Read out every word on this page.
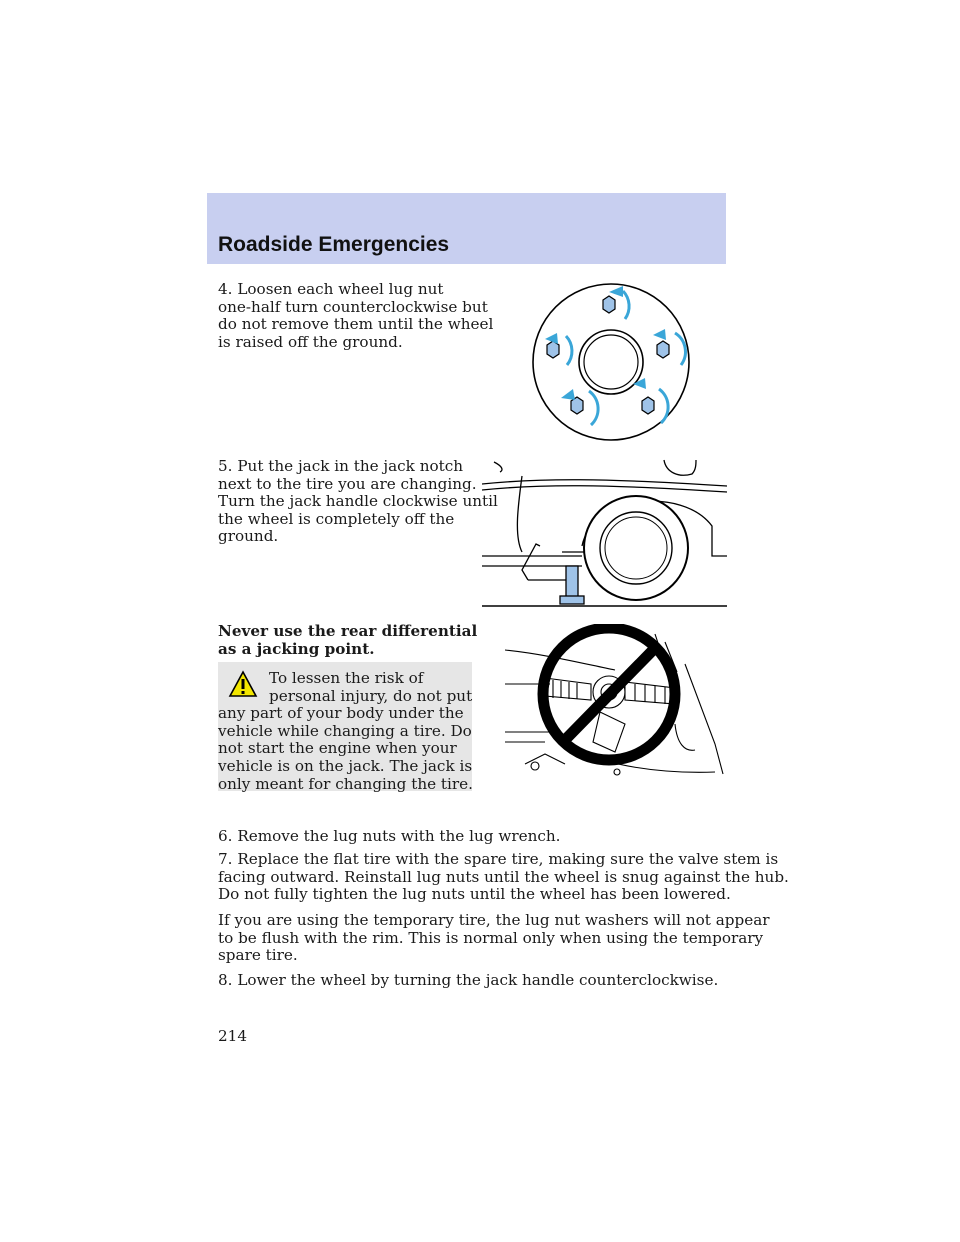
Roadside Emergencies
4. Loosen each wheel lug nut
one-half turn counterclockwise but
do not remove them until the wheel
is raised off the ground.
5. Put the jack in the jack notch
next to the tire you are changing.
Turn the jack handle clockwise until
the wheel is completely off the
ground.
Never use the rear differential
as a jacking point.
To lessen the risk of
personal injury, do not put
any part of your body under the
vehicle while changing a tire. Do
not start the engine when your
vehicle is on the jack. The jack is
only meant for changing the tire.

6. Remove the lug nuts with the lug wrench.

7. Replace the flat tire with the spare tire, making sure the valve stem is
facing outward. Reinstall lug nuts until the wheel is snug against the hub.
Do not fully tighten the lug nuts until the wheel has been lowered.
If you are using the temporary tire, the lug nut washers will not appear
to be flush with the rim. This is normal only when using the temporary
spare tire.

8. Lower the wheel by turning the jack handle counterclockwise.

214
